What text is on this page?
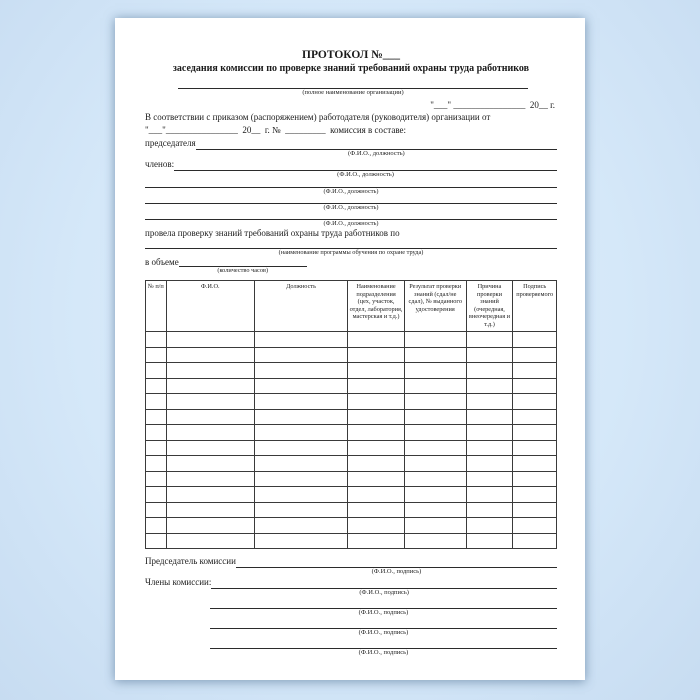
ПРОТОКОЛ №___
заседания комиссии по проверке знаний требований охраны труда работников
(полное наименование организации)
"___" ________________  20__ г.
В соответствии с приказом (распоряжением) работодателя (руководителя) организации от
"___"________________  20__  г. №  _________  комиссия в составе:
председателя
(Ф.И.О., должность)
членов:
(Ф.И.О., должность)
(Ф.И.О., должность)
(Ф.И.О., должность)
(Ф.И.О., должность)
провела проверку знаний требований охраны труда работников по
(наименование программы обучения по охране труда)
в объеме
(количество часов)
№ п/п	Ф.И.О.	Должность	Наименование подразделения (цех, участок, отдел, лаборатория, мастерская и т.д.)	Результат проверки знаний (сдал/не сдал), № выданного удостоверения	Причина проверки знаний (очередная, внеочередная и т.д.)	Подпись проверяемого

Председатель комиссии
(Ф.И.О., подпись)
Члены комиссии:
(Ф.И.О., подпись)
(Ф.И.О., подпись)
(Ф.И.О., подпись)
(Ф.И.О., подпись)
